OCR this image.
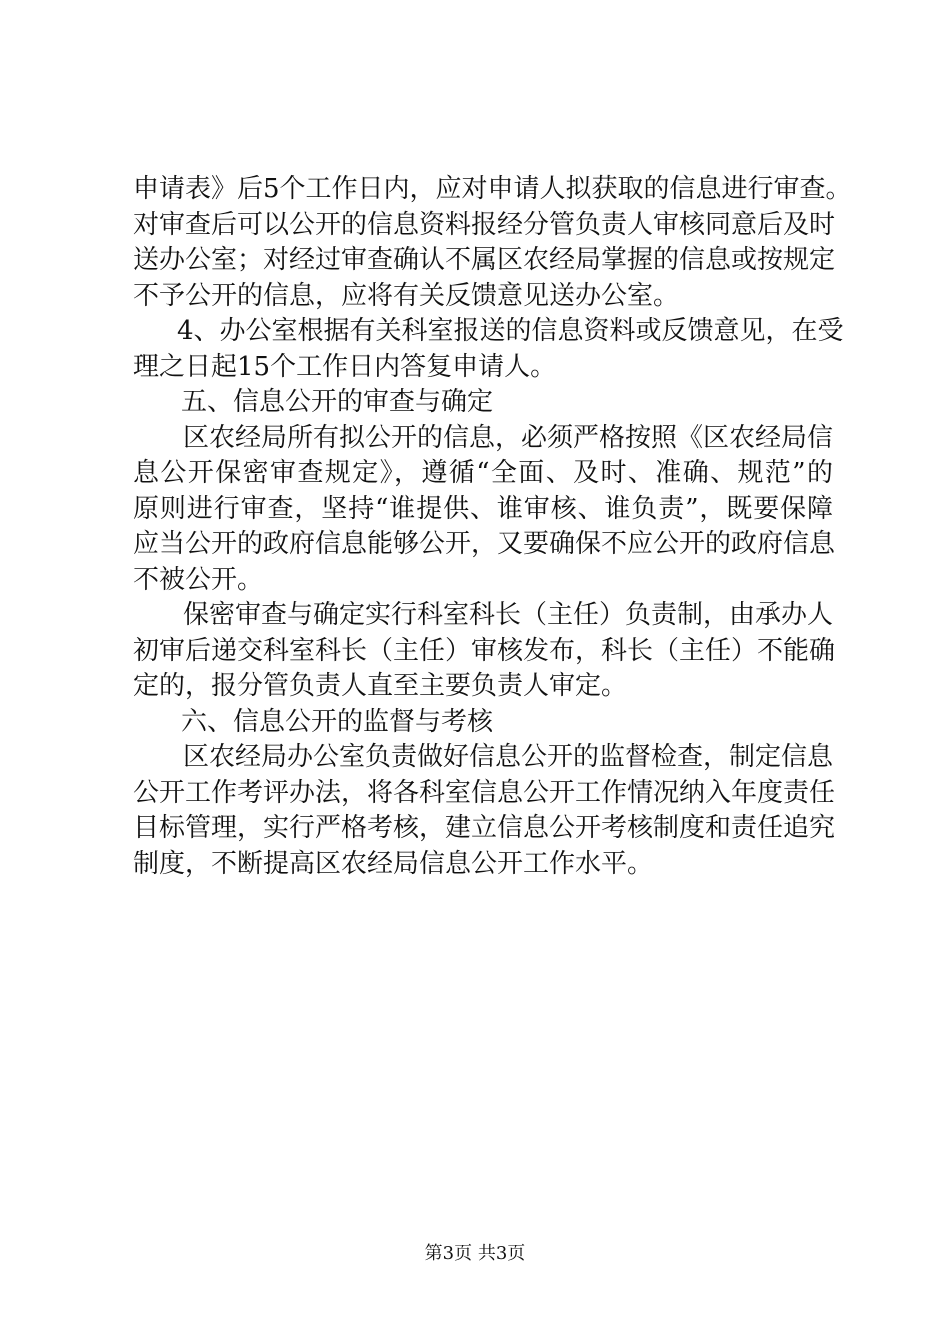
申请表》后5个工作日内，应对申请人拟获取的信息进行审查。
对审查后可以公开的信息资料报经分管负责人审核同意后及时
送办公室；对经过审查确认不属区农经局掌握的信息或按规定
不予公开的信息，应将有关反馈意见送办公室。
4、办公室根据有关科室报送的信息资料或反馈意见，在受
理之日起15个工作日内答复申请人。
五、信息公开的审查与确定
区农经局所有拟公开的信息，必须严格按照《区农经局信
息公开保密审查规定》，遵循“全面、及时、准确、规范”的
原则进行审查，坚持“谁提供、谁审核、谁负责”，既要保障
应当公开的政府信息能够公开，又要确保不应公开的政府信息
不被公开。
保密审查与确定实行科室科长（主任）负责制，由承办人
初审后递交科室科长（主任）审核发布，科长（主任）不能确
定的，报分管负责人直至主要负责人审定。
六、信息公开的监督与考核
区农经局办公室负责做好信息公开的监督检查，制定信息
公开工作考评办法，将各科室信息公开工作情况纳入年度责任
目标管理，实行严格考核，建立信息公开考核制度和责任追究
制度，不断提高区农经局信息公开工作水平。
第3页 共3页
